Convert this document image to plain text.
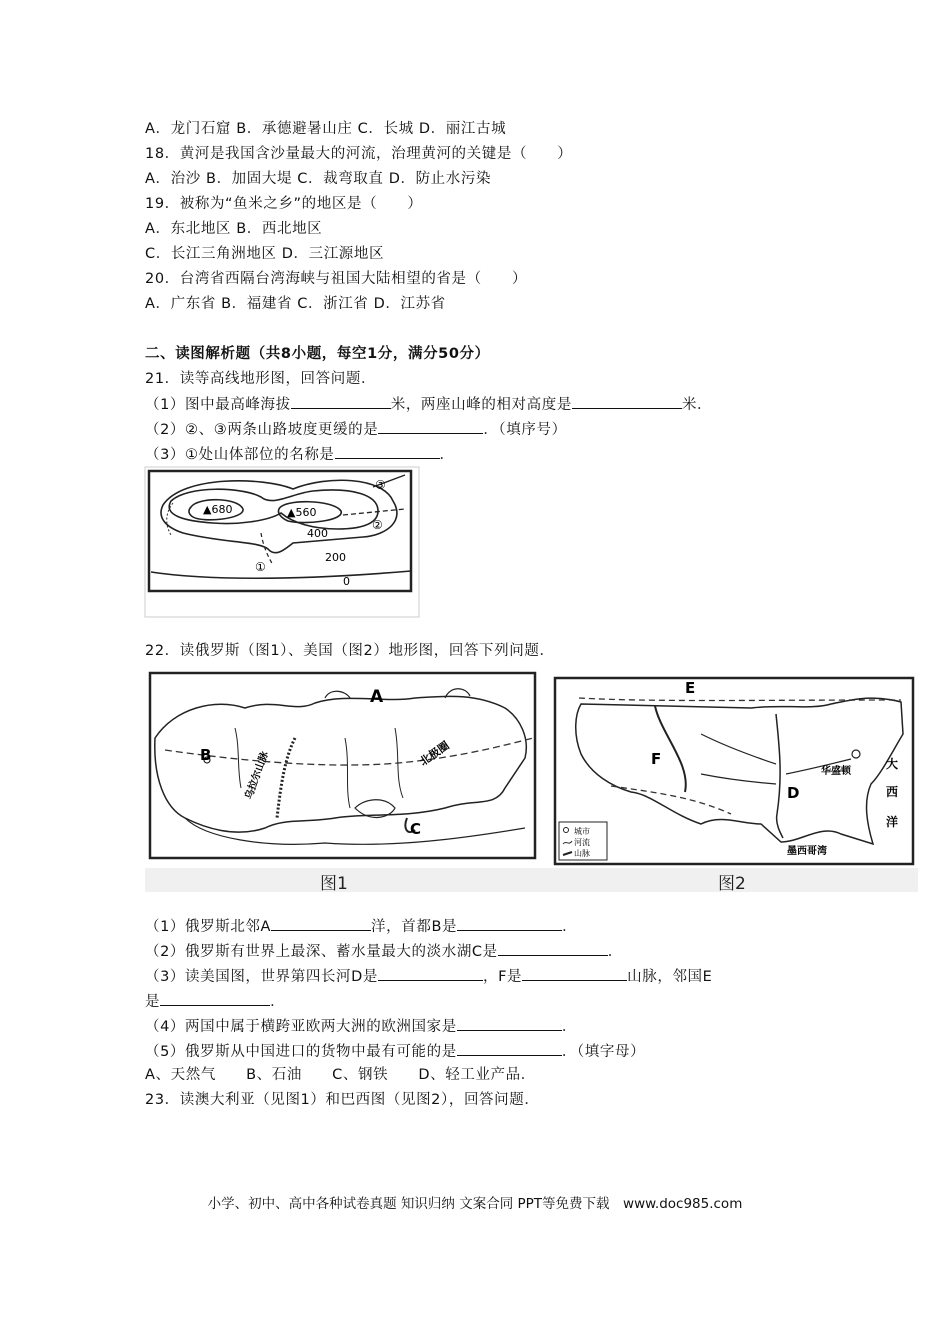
A．龙门石窟 B．承德避暑山庄 C．长城 D．丽江古城
18．黄河是我国含沙量最大的河流，治理黄河的关键是（　　）
A．治沙 B．加固大堤 C．裁弯取直 D．防止水污染
19．被称为“鱼米之乡”的地区是（　　）
A．东北地区 B．西北地区
C．长江三角洲地区 D．三江源地区
20．台湾省西隔台湾海峡与祖国大陆相望的省是（　　）
A．广东省 B．福建省 C．浙江省 D．江苏省
二、读图解析题（共8小题，每空1分，满分50分）
21．读等高线地形图，回答问题．
（1）图中最高峰海拔	米，两座山峰的相对高度是	米．
（2）②、③两条山路坡度更缓的是	．（填序号）
（3）①处山体部位的名称是	．
▲680	▲560
400
200
0
①
②
③
22．读俄罗斯（图1）、美国（图2）地形图，回答下列问题．
A
B
C
北极圈
乌拉尔山脉
E
F
D
华盛顿
大
西
洋
墨西哥湾
城市
河流
山脉
图1	图2
（1）俄罗斯北邻A	洋，首都B是	．
（2）俄罗斯有世界上最深、蓄水量最大的淡水湖C是	．
（3）读美国图，世界第四长河D是	，F是	山脉，邻国E
是	．
（4）两国中属于横跨亚欧两大洲的欧洲国家是	．
（5）俄罗斯从中国进口的货物中最有可能的是	．（填字母）
A、天然气　　B、石油　　C、钢铁　　D、轻工业产品．
23．读澳大利亚（见图1）和巴西图（见图2），回答问题．
小学、初中、高中各种试卷真题 知识归纳 文案合同 PPT等免费下载　www.doc985.com
